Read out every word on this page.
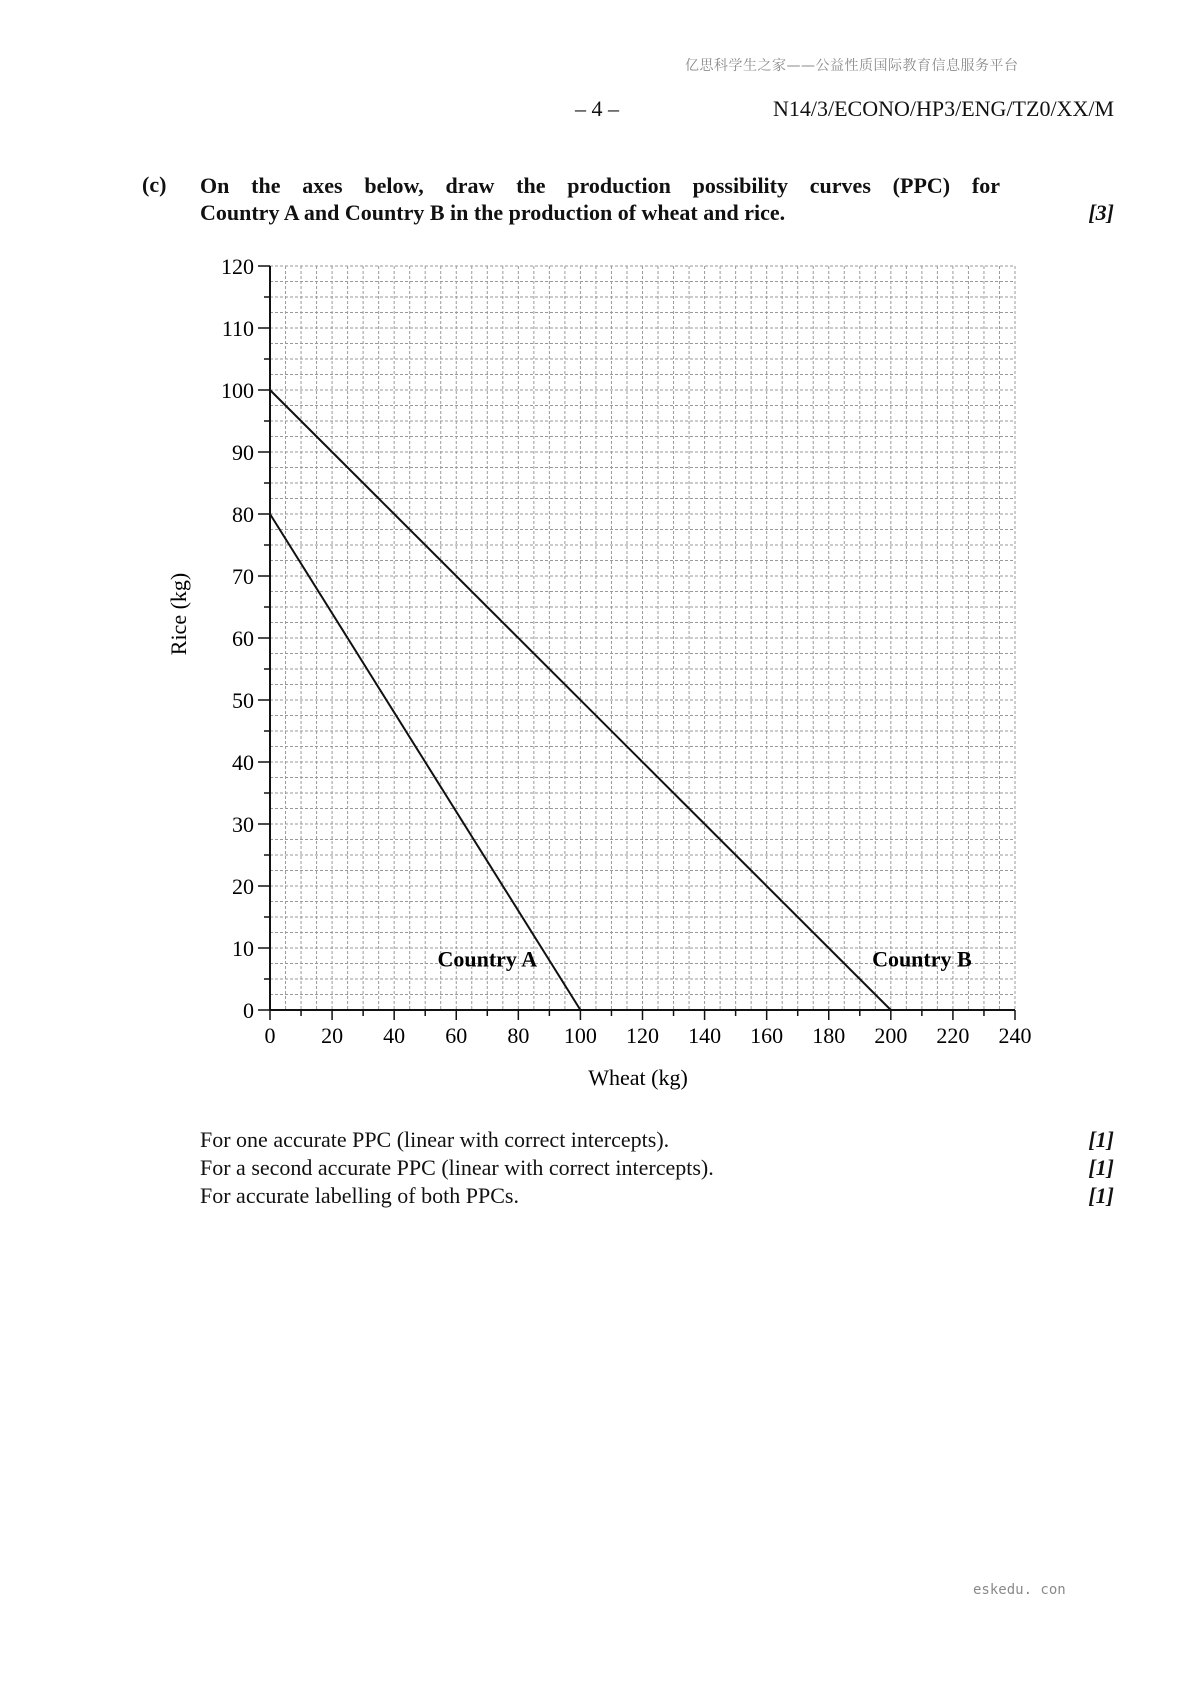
亿思科学生之家——公益性质国际教育信息服务平台
– 4 –	N14/3/ECONO/HP3/ENG/TZ0/XX/M
(c) On the axes below, draw the production possibility curves (PPC) for
Country A and Country B in the production of wheat and rice.	[3]
0 20 40 60 80 100 120 140 160 180 200 220 240
0
10
20
30
40
50
60
70
80
90
100
110
120
Country A	Country B
Wheat (kg)
Rice (kg)
For one accurate PPC (linear with correct intercepts).	[1]
For a second accurate PPC (linear with correct intercepts).	[1]
For accurate labelling of both PPCs.	[1]
eskedu. con
